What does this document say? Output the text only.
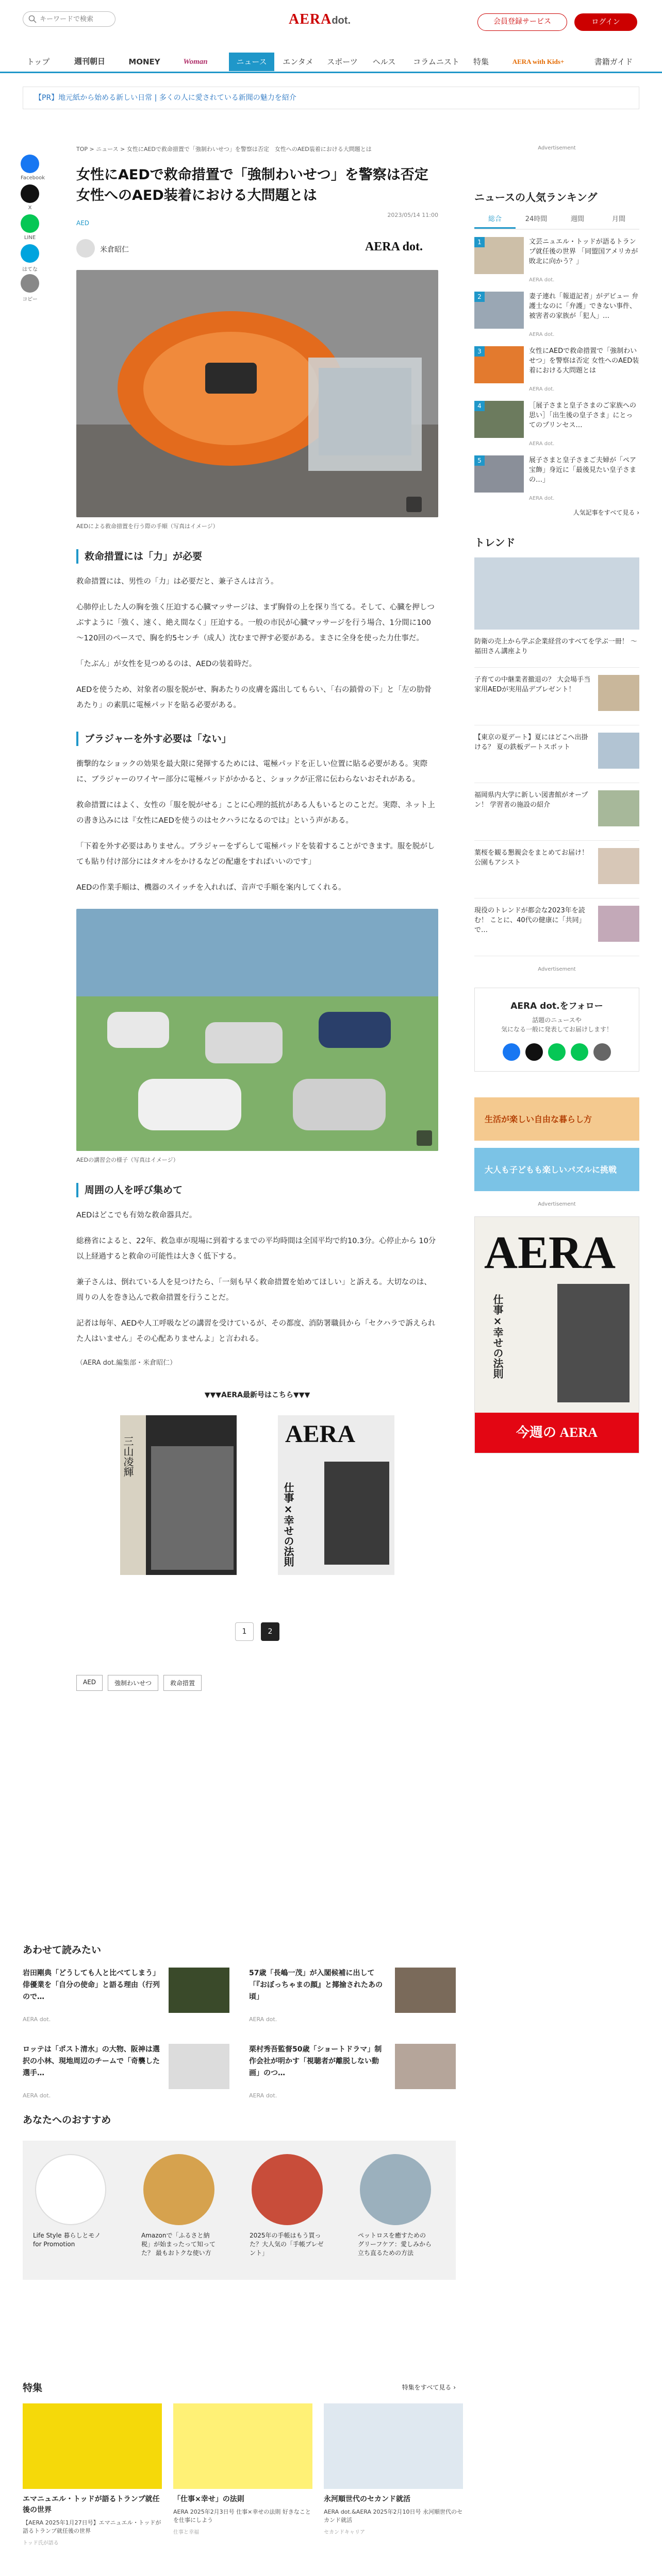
キーワードで検索
AERAdot.	会員登録サービス	ログイン
トップ	週刊朝日	MONEY	Woman	ニュース	エンタメ	スポーツ	ヘルス	コラムニスト	特集	AERA with Kids+	書籍ガイド
【PR】地元紙から始める新しい日常 | 多くの人に愛されている新聞の魅力を紹介
Facebook
X
LINE
はてな
コピー
TOP > ニュース > 女性にAEDで救命措置で「強制わいせつ」を警察は否定　女性へのAED装着における大問題とは
女性にAEDで救命措置で「強制わいせつ」を警察は否定　女性へのAED装着における大問題とは
2023/05/14 11:00
AED
米倉昭仁	AERA dot.
AEDによる救命措置を行う際の手順（写真はイメージ）
救命措置には「力」が必要

救命措置には、男性の「力」は必要だと、兼子さんは言う。

心肺停止した人の胸を強く圧迫する心臓マッサージは、まず胸骨の上を探り当てる。そして、心臓を押しつぶすように「強く、速く、絶え間なく」圧迫する。一般の市民が心臓マッサージを行う場合、1分間に100～120回のペースで、胸を約5センチ（成人）沈むまで押す必要がある。まさに全身を使った力仕事だ。

「たぶん」が女性を見つめるのは、AEDの装着時だ。

AEDを使うため、対象者の服を脱がせ、胸あたりの皮膚を露出してもらい、「右の鎖骨の下」と「左の肋骨あたり」の素肌に電極パッドを貼る必要がある。

ブラジャーを外す必要は「ない」

衝撃的なショックの効果を最大限に発揮するためには、電極パッドを正しい位置に貼る必要がある。実際に、ブラジャーのワイヤー部分に電極パッドがかかると、ショックが正常に伝わらないおそれがある。

救命措置にはよく、女性の「服を脱がせる」ことに心理的抵抗がある人もいるとのことだ。実際、ネット上の書き込みには『女性にAEDを使うのはセクハラになるのでは』という声がある。

「下着を外す必要はありません。ブラジャーをずらして電極パッドを装着することができます。服を脱がしても貼り付け部分にはタオルをかけるなどの配慮をすればいいのです」

AEDの作業手順は、機器のスイッチを入れれば、音声で手順を案内してくれる。

AEDの講習会の様子（写真はイメージ）
周囲の人を呼び集めて

AEDはどこでも有効な救命器具だ。

総務省によると、22年、救急車が現場に到着するまでの平均時間は全国平均で約10.3分。心停止から 10分以上経過すると救命の可能性は大きく低下する。

兼子さんは、倒れている人を見つけたら、「一刻も早く救命措置を始めてほしい」と訴える。大切なのは、周りの人を巻き込んで救命措置を行うことだ。

記者は毎年、AEDや人工呼吸などの講習を受けているが、その都度、消防署職員から「セクハラで訴えられた人はいません」その心配ありませんよ」と言われる。

（AERA dot.編集部・米倉昭仁）

▼▼▼AERA最新号はこちら▼▼▼
三山凌輝
AERA
仕事×幸せの法則
1	2
AED	強制わいせつ	救命措置
Advertisement
ニュースの人気ランキング
総合	24時間	週間	月間
1	文芸ニュエル・トッドが語るトランプ就任後の世界 「同盟国アメリカが敗北に向かう？」
AERA dot.
2	妻子連れ「報道記者」がデビュー 弁護士なのに「弁護」できない事件、被害者の家族が「犯人」…
AERA dot.
3	女性にAEDで救命措置で「強制わいせつ」を警察は否定 女性へのAED装着における大問題とは
AERA dot.
4	［展子さまと皇子さまのご家族への思い］「出生後の皇子さま」にとってのプリンセス…
AERA dot.
5	展子さまと皇子さまご夫婦が「ペア宝飾」身近に「最後見たい皇子さまの…」
AERA dot.
人気記事をすべて見る ›
トレンド
防衛の売上から学ぶ企業経営のすべてを学ぶ一冊！ ～福田さん講座より
子育ての中継業者撤退の？ 大会場手当家用AEDが実用品デブレゼント！
【東京の夏デート】夏にはどこへ出掛ける？ 夏の鉄板デートスポット
福岡県内大学に新しい図書館がオープン！ 学習者の施設の紹介
葉桜を観る懇親会をまとめてお届け！ 公園もアシスト
現役のトレンドが都会な2023年を読む！ ことに、40代の健康に「共同」で…
Advertisement
AERA dot.をフォロー
話題のニュースや
気になる一般に発表してお届けします！
生活が楽しい自由な暮らし方
大人も子どもも楽しいパズルに挑戦
Advertisement
AERA
仕事×幸せの法則
今週の AERA
あわせて読みたい
岩田剛典「どうしても人と比べてしまう」 俳優業を「自分の使命」と語る理由（行列ので…
AERA dot.
57歳「長嶋一茂」が入閣候補に出して「『おぼっちゃまの顔』と揶揄されたあの頃」
AERA dot.
ロッテは「ポスト清水」の大物、阪神は選択の小林、現地周辺のチームで「奇襲した選手…
AERA dot.
栗村秀吾監督50歳「ショートドラマ」制作会社が明かす「視聴者が離脱しない動画」のつ…
AERA dot.
あなたへのおすすめ
Life Style 暮らしとモノ for Promotion
Amazonで「ふるさと納税」が始まったって知ってた？ 最もおトクな使い方
2025年の手帳はもう買った？大人気の「手帳プレゼント」
ペットロスを癒すための グリーフケア：愛しみから立ち直るための方法
特集	特集をすべて見る ›
エマニュエル・トッドが語るトランプ就任後の世界
【AERA 2025年1月27日号】エマニュエル・トッドが語るトランプ就任後の世界
トッド氏が語る
「仕事×幸せ」の法則
AERA 2025年2月3日号 仕事×幸せの法則 好きなことを仕事にしよう
仕事と幸福
永河順世代のセカンド就活
AERA dot.&AERA 2025年2月10日号 永河順世代のセカンド就活
セカンドキャリア
